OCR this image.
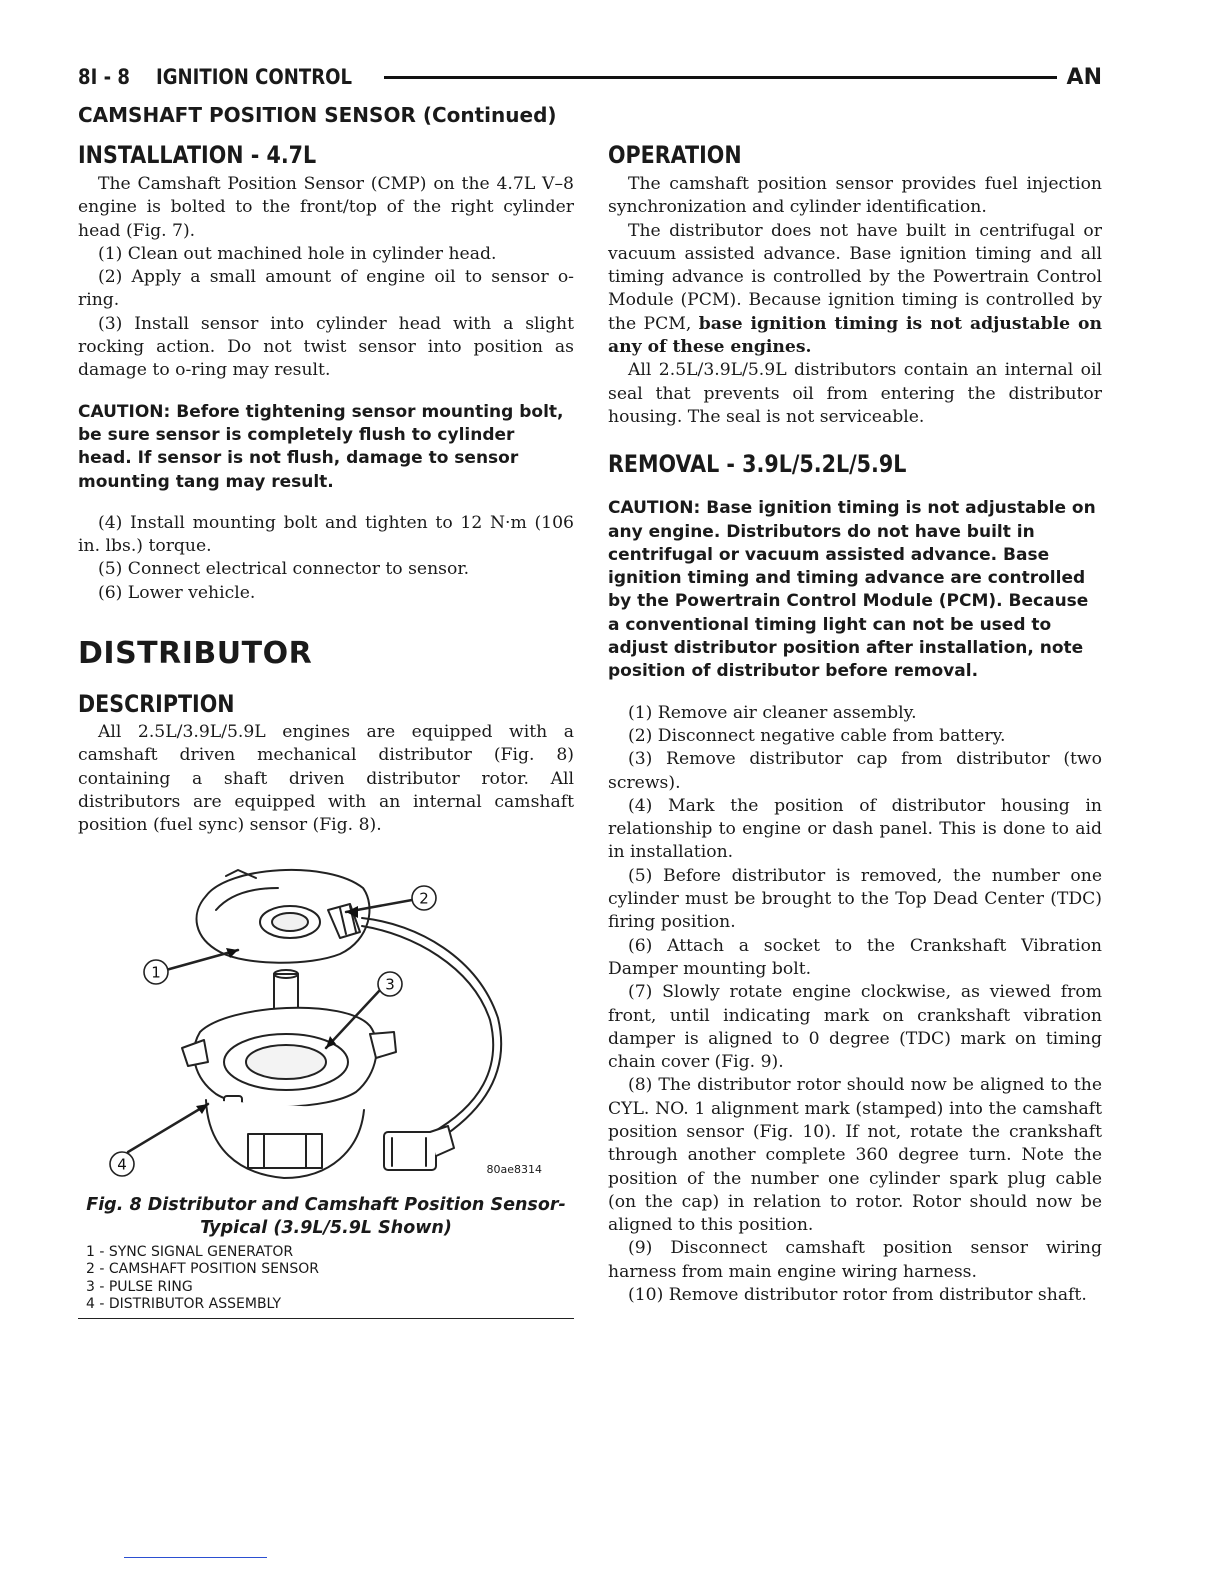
8I - 8 IGNITION CONTROL	AN
CAMSHAFT POSITION SENSOR (Continued)
INSTALLATION - 4.7L

The Camshaft Position Sensor (CMP) on the 4.7L V–8 engine is bolted to the front/top of the right cylinder head (Fig. 7).

(1) Clean out machined hole in cylinder head.

(2) Apply a small amount of engine oil to sensor o-ring.

(3) Install sensor into cylinder head with a slight rocking action. Do not twist sensor into position as damage to o-ring may result.

CAUTION: Before tightening sensor mounting bolt, be sure sensor is completely flush to cylinder head. If sensor is not flush, damage to sensor mounting tang may result.

(4) Install mounting bolt and tighten to 12 N·m (106 in. lbs.) torque.

(5) Connect electrical connector to sensor.

(6) Lower vehicle.

DISTRIBUTOR
DESCRIPTION

All 2.5L/3.9L/5.9L engines are equipped with a camshaft driven mechanical distributor (Fig. 8) containing a shaft driven distributor rotor. All distributors are equipped with an internal camshaft position (fuel sync) sensor (Fig. 8).

1
2
3
4	80ae8314
Fig. 8 Distributor and Camshaft Position Sensor-Typical (3.9L/5.9L Shown)
1 - SYNC SIGNAL GENERATOR
2 - CAMSHAFT POSITION SENSOR
3 - PULSE RING
4 - DISTRIBUTOR ASSEMBLY
OPERATION

The camshaft position sensor provides fuel injection synchronization and cylinder identification.

The distributor does not have built in centrifugal or vacuum assisted advance. Base ignition timing and all timing advance is controlled by the Powertrain Control Module (PCM). Because ignition timing is controlled by the PCM, base ignition timing is not adjustable on any of these engines.

All 2.5L/3.9L/5.9L distributors contain an internal oil seal that prevents oil from entering the distributor housing. The seal is not serviceable.

REMOVAL - 3.9L/5.2L/5.9L

CAUTION: Base ignition timing is not adjustable on any engine. Distributors do not have built in centrifugal or vacuum assisted advance. Base ignition timing and timing advance are controlled by the Powertrain Control Module (PCM). Because a conventional timing light can not be used to adjust distributor position after installation, note position of distributor before removal.

(1) Remove air cleaner assembly.

(2) Disconnect negative cable from battery.

(3) Remove distributor cap from distributor (two screws).

(4) Mark the position of distributor housing in relationship to engine or dash panel. This is done to aid in installation.

(5) Before distributor is removed, the number one cylinder must be brought to the Top Dead Center (TDC) firing position.

(6) Attach a socket to the Crankshaft Vibration Damper mounting bolt.

(7) Slowly rotate engine clockwise, as viewed from front, until indicating mark on crankshaft vibration damper is aligned to 0 degree (TDC) mark on timing chain cover (Fig. 9).

(8) The distributor rotor should now be aligned to the CYL. NO. 1 alignment mark (stamped) into the camshaft position sensor (Fig. 10). If not, rotate the crankshaft through another complete 360 degree turn. Note the position of the number one cylinder spark plug cable (on the cap) in relation to rotor. Rotor should now be aligned to this position.

(9) Disconnect camshaft position sensor wiring harness from main engine wiring harness.

(10) Remove distributor rotor from distributor shaft.
